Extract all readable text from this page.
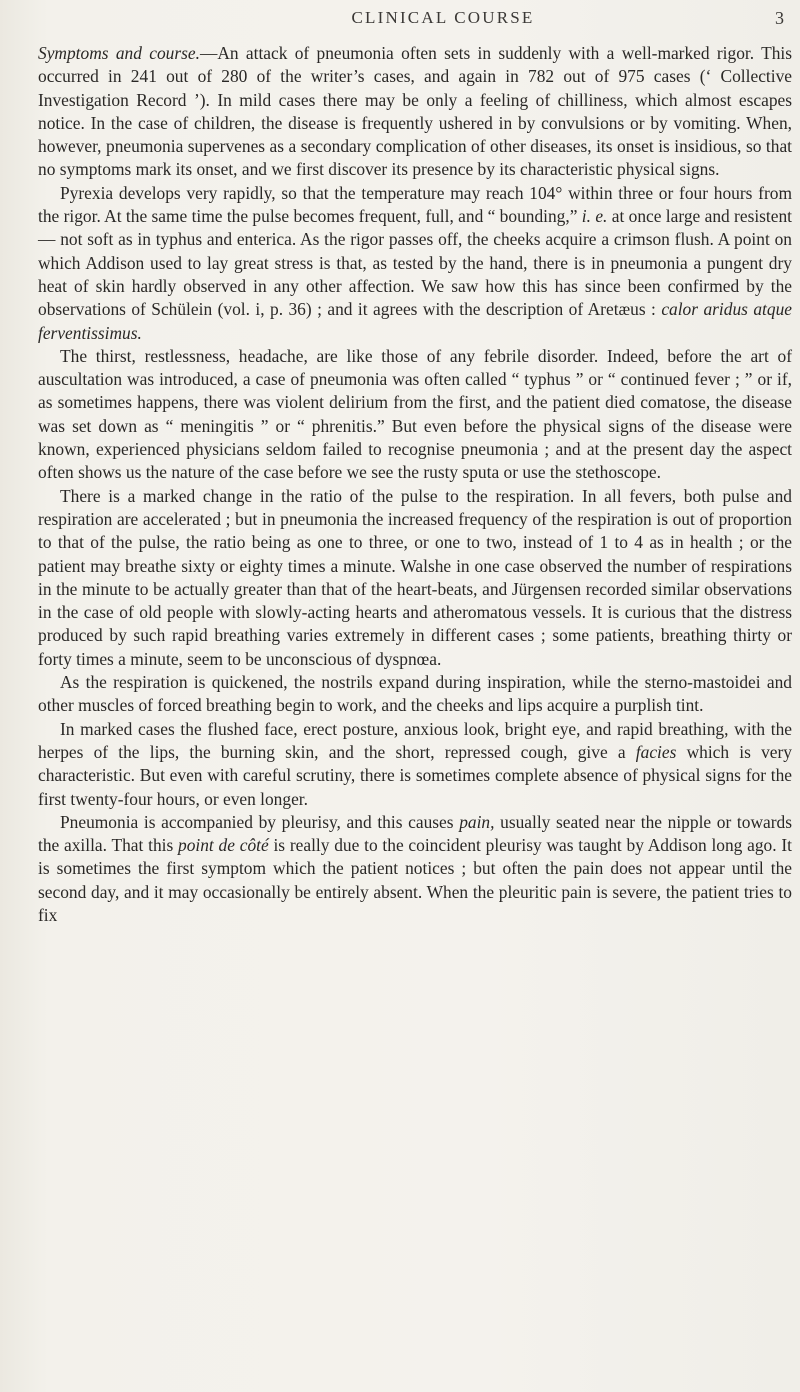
CLINICAL COURSE	3

Symptoms and course.—An attack of pneumonia often sets in suddenly with a well-marked rigor. This occurred in 241 out of 280 of the writer’s cases, and again in 782 out of 975 cases (‘ Collective Investigation Record ’). In mild cases there may be only a feeling of chilliness, which almost escapes notice. In the case of children, the disease is frequently ushered in by convulsions or by vomiting. When, however, pneumonia supervenes as a secondary complication of other diseases, its onset is insidious, so that no symptoms mark its onset, and we first discover its presence by its characteristic physical signs.

Pyrexia develops very rapidly, so that the temperature may reach 104° within three or four hours from the rigor. At the same time the pulse becomes frequent, full, and “ bounding,” i. e. at once large and resistent— not soft as in typhus and enterica. As the rigor passes off, the cheeks acquire a crimson flush. A point on which Addison used to lay great stress is that, as tested by the hand, there is in pneumonia a pungent dry heat of skin hardly observed in any other affection. We saw how this has since been confirmed by the observations of Schülein (vol. i, p. 36) ; and it agrees with the description of Aretæus : calor aridus atque ferventissimus.

The thirst, restlessness, headache, are like those of any febrile disorder. Indeed, before the art of auscultation was introduced, a case of pneumonia was often called “ typhus ” or “ continued fever ; ” or if, as sometimes happens, there was violent delirium from the first, and the patient died comatose, the disease was set down as “ meningitis ” or “ phrenitis.” But even before the physical signs of the disease were known, experienced physicians seldom failed to recognise pneumonia ; and at the present day the aspect often shows us the nature of the case before we see the rusty sputa or use the stethoscope.

There is a marked change in the ratio of the pulse to the respiration. In all fevers, both pulse and respiration are accelerated ; but in pneumonia the increased frequency of the respiration is out of proportion to that of the pulse, the ratio being as one to three, or one to two, instead of 1 to 4 as in health ; or the patient may breathe sixty or eighty times a minute. Walshe in one case observed the number of respirations in the minute to be actually greater than that of the heart-beats, and Jürgensen recorded similar observations in the case of old people with slowly-acting hearts and atheromatous vessels. It is curious that the distress produced by such rapid breathing varies extremely in different cases ; some patients, breathing thirty or forty times a minute, seem to be unconscious of dyspnœa.

As the respiration is quickened, the nostrils expand during inspiration, while the sterno-mastoidei and other muscles of forced breathing begin to work, and the cheeks and lips acquire a purplish tint.

In marked cases the flushed face, erect posture, anxious look, bright eye, and rapid breathing, with the herpes of the lips, the burning skin, and the short, repressed cough, give a facies which is very characteristic. But even with careful scrutiny, there is sometimes complete absence of physical signs for the first twenty-four hours, or even longer.

Pneumonia is accompanied by pleurisy, and this causes pain, usually seated near the nipple or towards the axilla. That this point de côté is really due to the coincident pleurisy was taught by Addison long ago. It is sometimes the first symptom which the patient notices ; but often the pain does not appear until the second day, and it may occasionally be entirely absent. When the pleuritic pain is severe, the patient tries to fix
